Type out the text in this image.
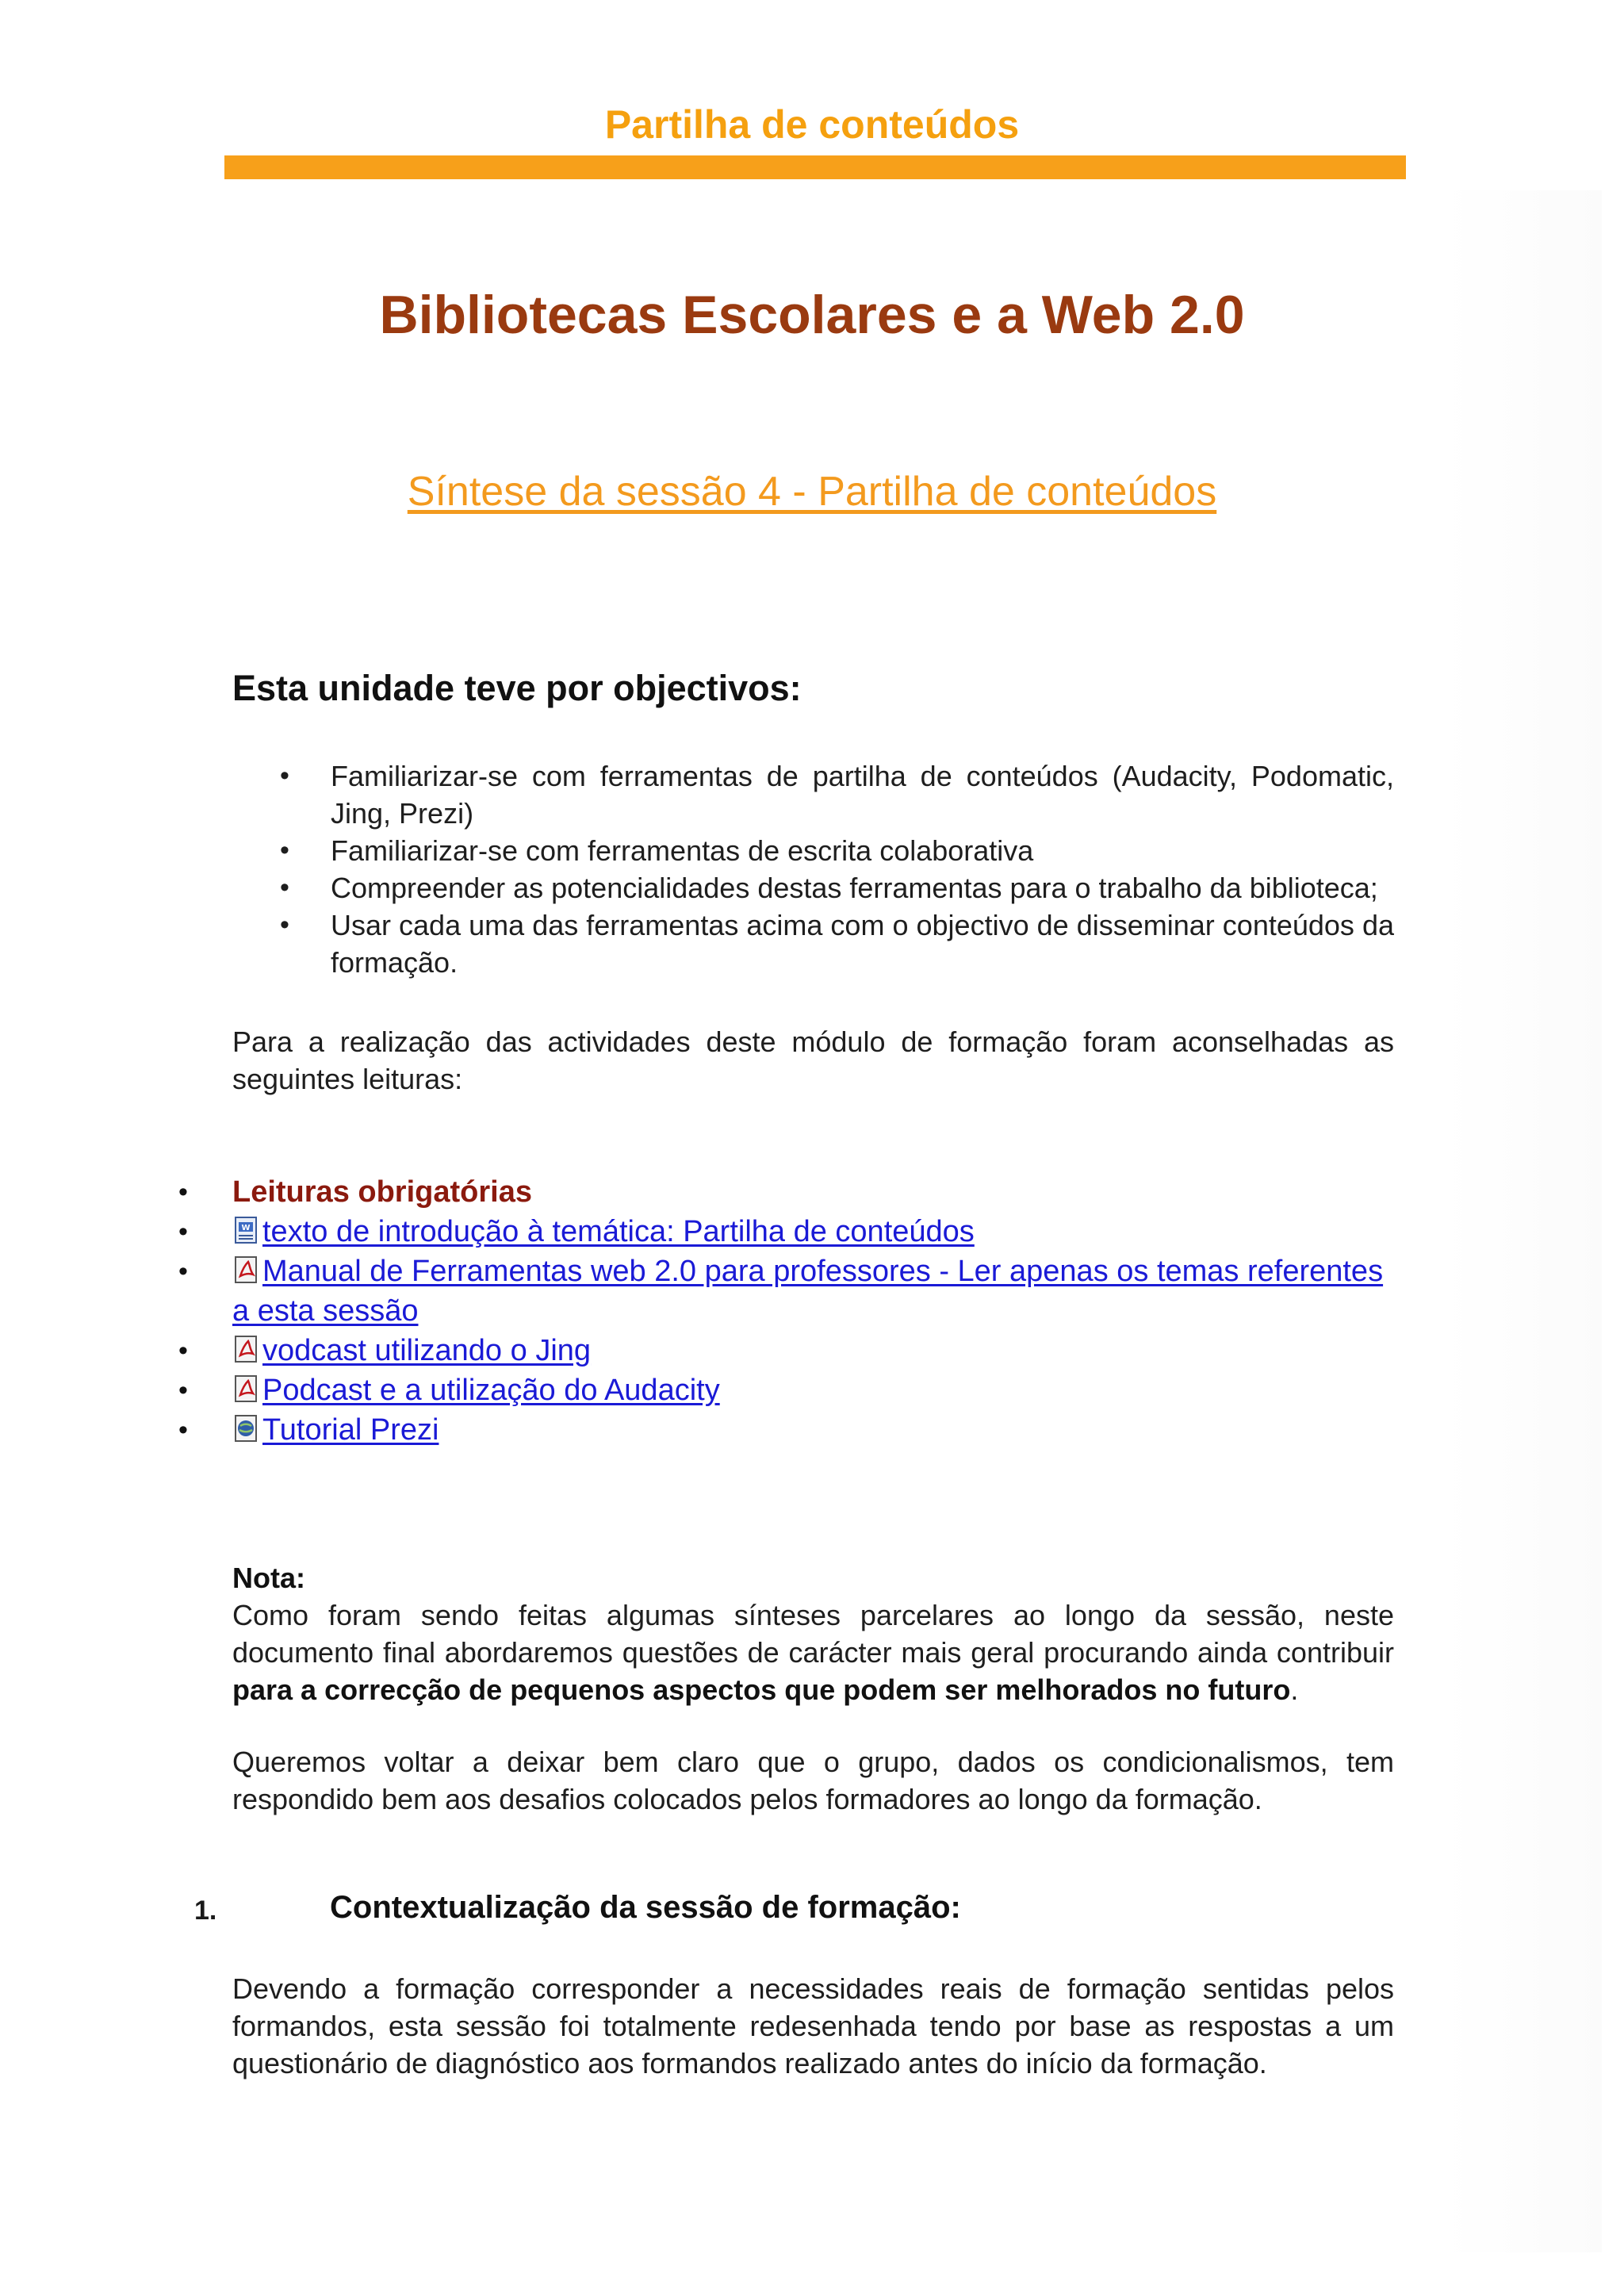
Partilha de conteúdos
Bibliotecas Escolares e a Web 2.0
Síntese da sessão 4 - Partilha de conteúdos
Esta unidade teve por objectivos:
• Familiarizar-se com ferramentas de partilha de conteúdos (Audacity, Podomatic, Jing, Prezi)
• Familiarizar-se com ferramentas de escrita colaborativa
• Compreender as potencialidades destas ferramentas para o trabalho da biblioteca;
• Usar cada uma das ferramentas acima com o objectivo de disseminar conteúdos da formação.
Para a realização das actividades deste módulo de formação foram aconselhadas as seguintes leituras:
• Leituras obrigatórias
• W texto de introdução à temática: Partilha de conteúdos
• Manual de Ferramentas web 2.0 para professores - Ler apenas os temas referentes a esta sessão
• vodcast utilizando o Jing
• Podcast e a utilização do Audacity
• Tutorial Prezi
Nota:
Como foram sendo feitas algumas sínteses parcelares ao longo da sessão, neste documento final abordaremos questões de carácter mais geral procurando ainda contribuir para a correcção de pequenos aspectos que podem ser melhorados no futuro.
Queremos voltar a deixar bem claro que o grupo, dados os condicionalismos, tem respondido bem aos desafios colocados pelos formadores ao longo da formação.
1.	Contextualização da sessão de formação:
Devendo a formação corresponder a necessidades reais de formação sentidas pelos formandos, esta sessão foi totalmente redesenhada tendo por base as respostas a um questionário de diagnóstico aos formandos realizado antes do início da formação.
